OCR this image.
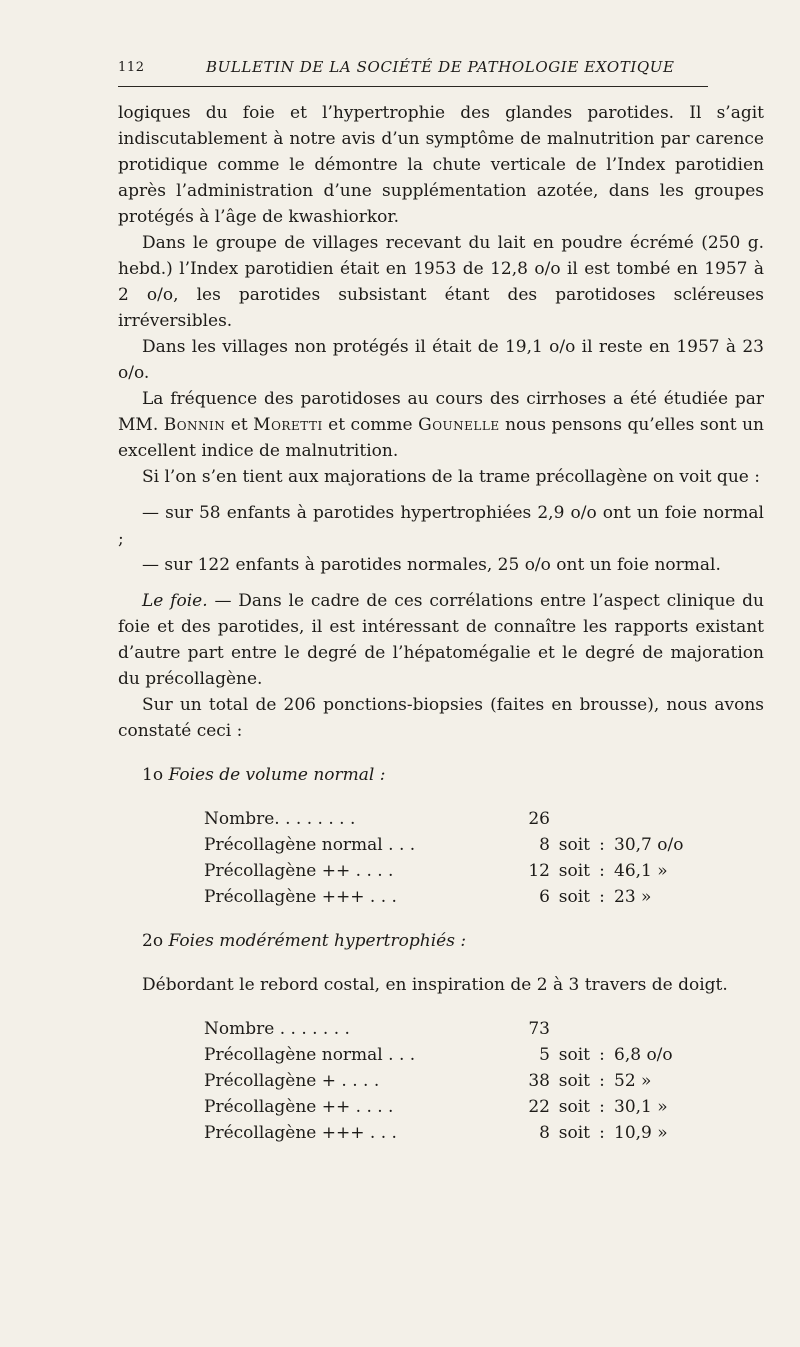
112	BULLETIN DE LA SOCIÉTÉ DE PATHOLOGIE EXOTIQUE

logiques du foie et l’hypertrophie des glandes parotides. Il s’agit indiscutablement à notre avis d’un symptôme de malnutrition par carence protidique comme le démontre la chute verticale de l’Index parotidien après l’administration d’une supplémentation azotée, dans les groupes protégés à l’âge de kwashiorkor.

Dans le groupe de villages recevant du lait en poudre écrémé (250 g. hebd.) l’Index parotidien était en 1953 de 12,8 o/o il est tombé en 1957 à 2 o/o, les parotides subsistant étant des parotidoses scléreuses irréversibles.

Dans les villages non protégés il était de 19,1 o/o il reste en 1957 à 23 o/o.

La fréquence des parotidoses au cours des cirrhoses a été étudiée par MM. Bonnin et Moretti et comme Gounelle nous pensons qu’elles sont un excellent indice de malnutrition.

Si l’on s’en tient aux majorations de la trame précollagène on voit que :

— sur 58 enfants à parotides hypertrophiées 2,9 o/o ont un foie normal ;

— sur 122 enfants à parotides normales, 25 o/o ont un foie normal.

Le foie. — Dans le cadre de ces corrélations entre l’aspect clinique du foie et des parotides, il est intéressant de connaître les rapports existant d’autre part entre le degré de l’hépatomégalie et le degré de majoration du précollagène.

Sur un total de 206 ponctions-biopsies (faites en brousse), nous avons constaté ceci :

1o Foies de volume normal :

Nombre. . . . . . . .	26
Précollagène normal . . .	8 soit : 30,7 o/o
Précollagène ++ . . . .	12 soit : 46,1 »
Précollagène +++ . . .	6 soit : 23 »

2o Foies modérément hypertrophiés :

Débordant le rebord costal, en inspiration de 2 à 3 travers de doigt.

Nombre . . . . . . .	73
Précollagène normal . . .	5 soit : 6,8 o/o
Précollagène + . . . .	38 soit : 52 »
Précollagène ++ . . . .	22 soit : 30,1 »
Précollagène +++ . . .	8 soit : 10,9 »
